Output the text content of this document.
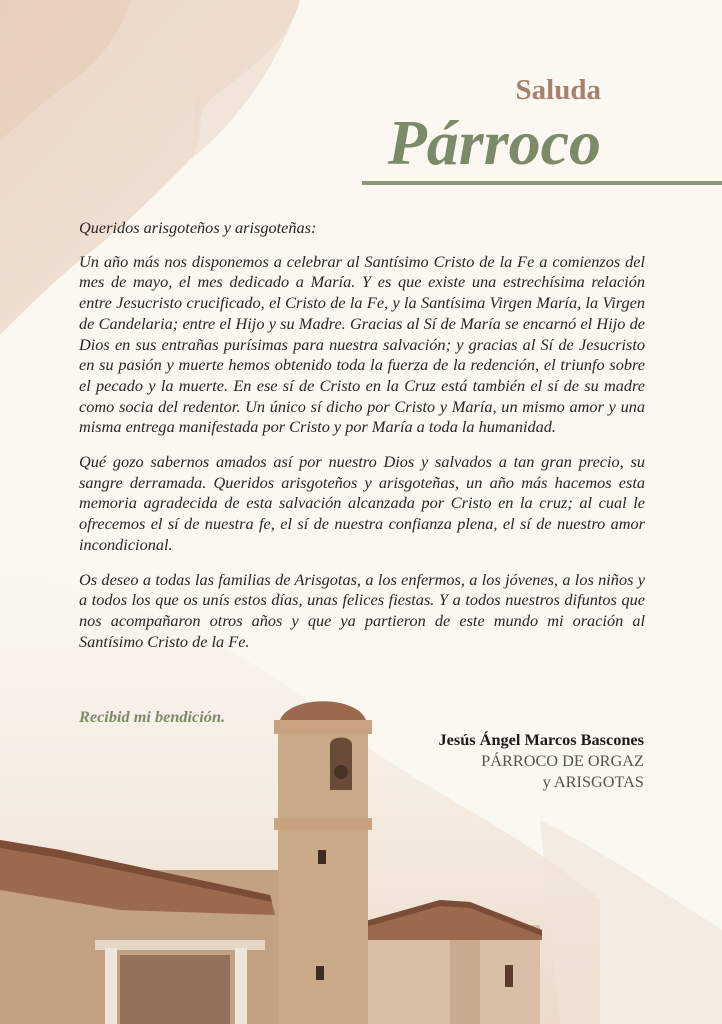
Saluda
Párroco

Queridos arisgoteños y arisgoteñas:

Un año más nos disponemos a celebrar al Santísimo Cristo de la Fe a comienzos del mes de mayo, el mes dedicado a María. Y es que existe una estrechísima relación entre Jesucristo crucificado, el Cristo de la Fe, y la Santísima Virgen María, la Virgen de Candelaria; entre el Hijo y su Madre. Gracias al Sí de María se encarnó el Hijo de Dios en sus entrañas purísimas para nuestra salvación; y gracias al Sí de Jesucristo en su pasión y muerte hemos obtenido toda la fuerza de la redención, el triunfo sobre el pecado y la muerte. En ese sí de Cristo en la Cruz está también el sí de su madre como socia del redentor. Un único sí dicho por Cristo y María, un mismo amor y una misma entrega manifestada por Cristo y por María a toda la humanidad.

Qué gozo sabernos amados así por nuestro Dios y salvados a tan gran precio, su sangre derramada. Queridos arisgoteños y arisgoteñas, un año más hacemos esta memoria agradecida de esta salvación alcanzada por Cristo en la cruz; al cual le ofrecemos el sí de nuestra fe, el sí de nuestra confianza plena, el sí de nuestro amor incondicional.

Os deseo a todas las familias de Arisgotas, a los enfermos, a los jóvenes, a los niños y a todos los que os unís estos días, unas felices fiestas. Y a todos nuestros difuntos que nos acompañaron otros años y que ya partieron de este mundo mi oración al Santísimo Cristo de la Fe.

Recibid mi bendición.
Jesús Ángel Marcos Bascones
PÁRROCO DE ORGAZ
y ARISGOTAS
